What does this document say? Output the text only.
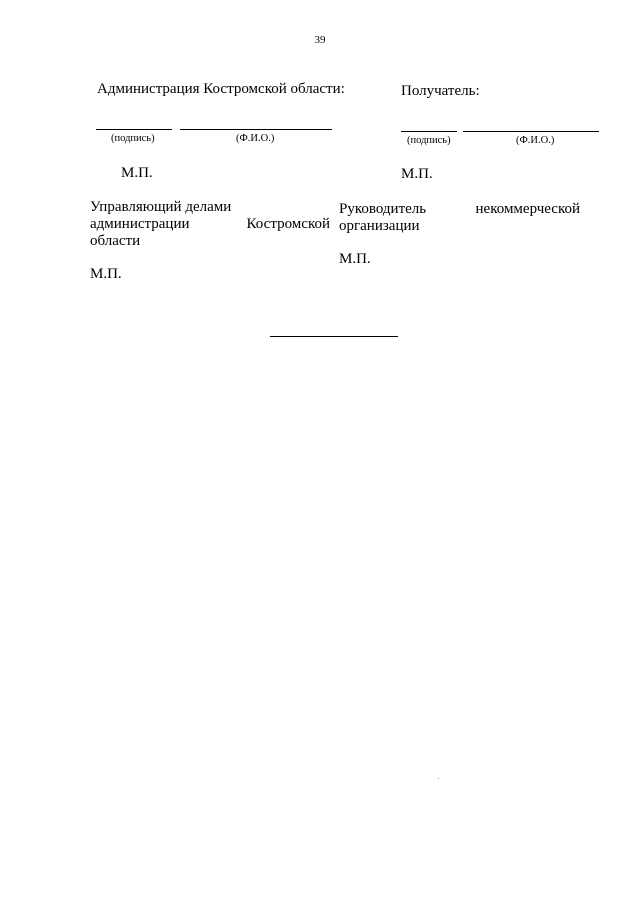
39
Администрация Костромской области:
(подпись)	(Ф.И.О.)
М.П.
Получатель:
(подпись)	(Ф.И.О.)
М.П.
Управляющий делами
администрации	Костромской
области
М.П.
Руководитель	некоммерческой
организации
М.П.
